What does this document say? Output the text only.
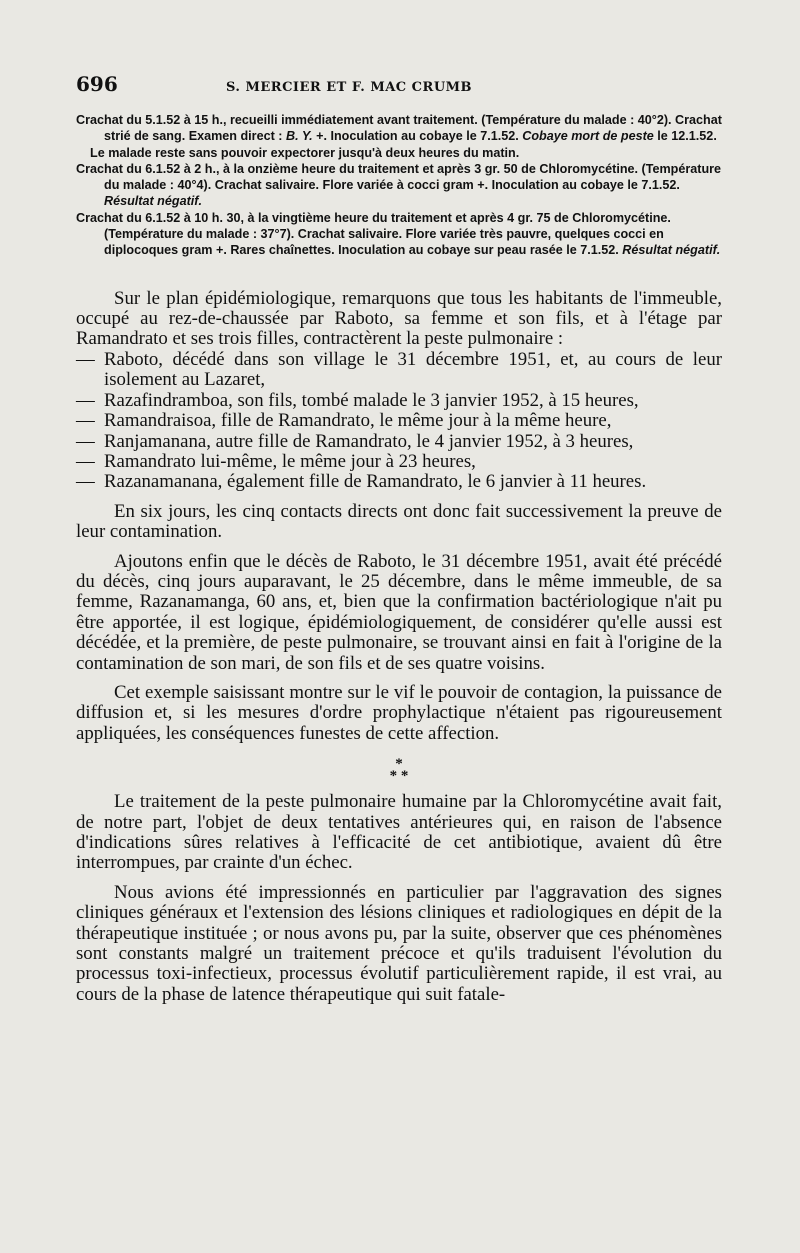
696	S. MERCIER ET F. MAC CRUMB
Crachat du 5.1.52 à 15 h., recueilli immédiatement avant traitement. (Température du malade : 40°2). Crachat strié de sang. Examen direct : B. Y. +. Inoculation au cobaye le 7.1.52. Cobaye mort de peste le 12.1.52.
Le malade reste sans pouvoir expectorer jusqu'à deux heures du matin.
Crachat du 6.1.52 à 2 h., à la onzième heure du traitement et après 3 gr. 50 de Chloromycétine. (Température du malade : 40°4). Crachat salivaire. Flore variée à cocci gram +. Inoculation au cobaye le 7.1.52. Résultat négatif.
Crachat du 6.1.52 à 10 h. 30, à la vingtième heure du traitement et après 4 gr. 75 de Chloromycétine. (Température du malade : 37°7). Crachat salivaire. Flore variée très pauvre, quelques cocci en diplocoques gram +. Rares chaînettes. Inoculation au cobaye sur peau rasée le 7.1.52. Résultat négatif.

Sur le plan épidémiologique, remarquons que tous les habitants de l'immeuble, occupé au rez-de-chaussée par Raboto, sa femme et son fils, et à l'étage par Ramandrato et ses trois filles, contractèrent la peste pulmonaire :

— Raboto, décédé dans son village le 31 décembre 1951, et, au cours de leur isolement au Lazaret,
— Razafindramboa, son fils, tombé malade le 3 janvier 1952, à 15 heures,
— Ramandraisoa, fille de Ramandrato, le même jour à la même heure,
— Ranjamanana, autre fille de Ramandrato, le 4 janvier 1952, à 3 heures,
— Ramandrato lui-même, le même jour à 23 heures,
— Razanamanana, également fille de Ramandrato, le 6 janvier à 11 heures.

En six jours, les cinq contacts directs ont donc fait successivement la preuve de leur contamination.

Ajoutons enfin que le décès de Raboto, le 31 décembre 1951, avait été précédé du décès, cinq jours auparavant, le 25 décembre, dans le même immeuble, de sa femme, Razanamanga, 60 ans, et, bien que la confirmation bactériologique n'ait pu être apportée, il est logique, épidémiologiquement, de considérer qu'elle aussi est décédée, et la première, de peste pulmonaire, se trouvant ainsi en fait à l'origine de la contamination de son mari, de son fils et de ses quatre voisins.

Cet exemple saisissant montre sur le vif le pouvoir de contagion, la puissance de diffusion et, si les mesures d'ordre prophylactique n'étaient pas rigoureusement appliquées, les conséquences funestes de cette affection.

*
* *

Le traitement de la peste pulmonaire humaine par la Chloromycétine avait fait, de notre part, l'objet de deux tentatives antérieures qui, en raison de l'absence d'indications sûres relatives à l'efficacité de cet antibiotique, avaient dû être interrompues, par crainte d'un échec.

Nous avions été impressionnés en particulier par l'aggravation des signes cliniques généraux et l'extension des lésions cliniques et radiologiques en dépit de la thérapeutique instituée ; or nous avons pu, par la suite, observer que ces phénomènes sont constants malgré un traitement précoce et qu'ils traduisent l'évolution du processus toxi-infectieux, processus évolutif particulièrement rapide, il est vrai, au cours de la phase de latence thérapeutique qui suit fatale-
